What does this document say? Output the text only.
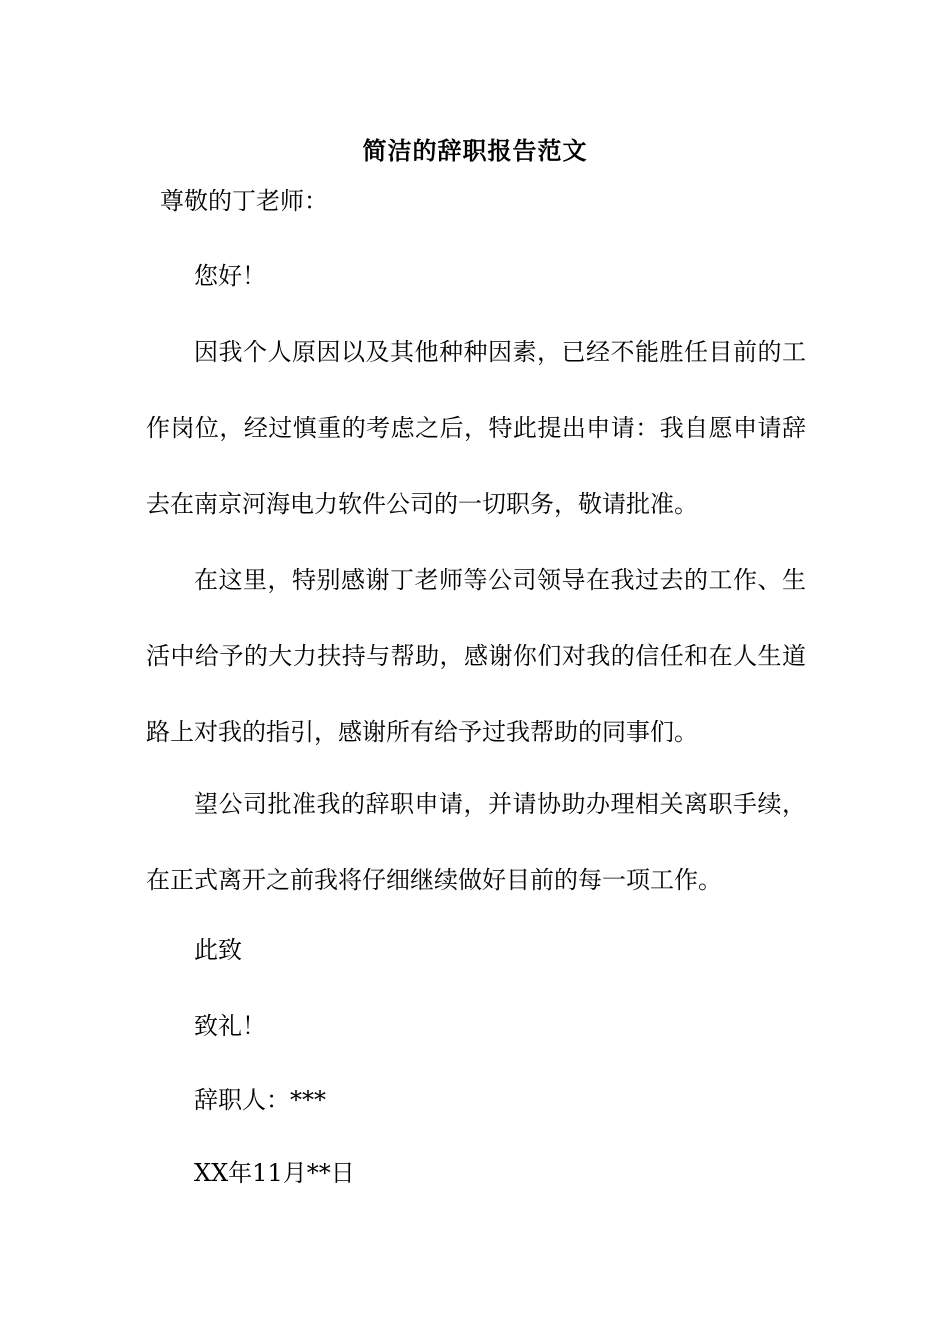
简洁的辞职报告范文
尊敬的丁老师：
您好！
因我个人原因以及其他种种因素，已经不能胜任目前的工
作岗位，经过慎重的考虑之后，特此提出申请：我自愿申请辞
去在南京河海电力软件公司的一切职务，敬请批准。
在这里，特别感谢丁老师等公司领导在我过去的工作、生
活中给予的大力扶持与帮助，感谢你们对我的信任和在人生道
路上对我的指引，感谢所有给予过我帮助的同事们。
望公司批准我的辞职申请，并请协助办理相关离职手续，
在正式离开之前我将仔细继续做好目前的每一项工作。
此致
致礼！
辞职人：***
XX年11月**日
